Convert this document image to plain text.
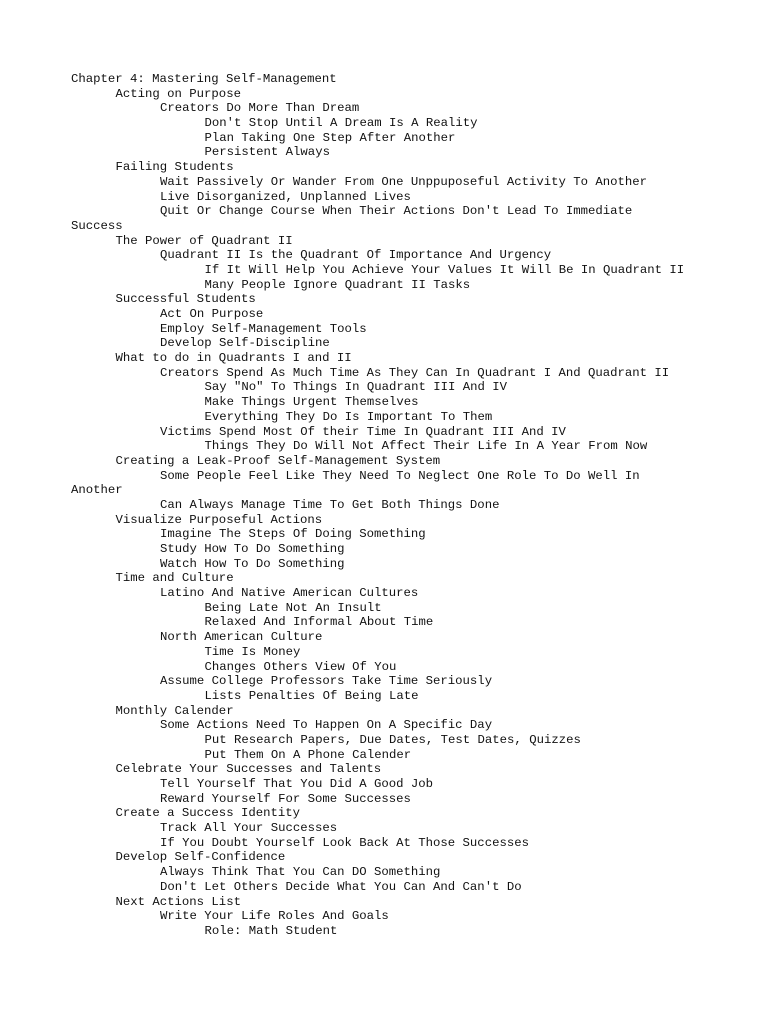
Chapter 4: Mastering Self-Management
Acting on Purpose
Creators Do More Than Dream
Don't Stop Until A Dream Is A Reality
Plan Taking One Step After Another
Persistent Always
Failing Students
Wait Passively Or Wander From One Unppuposeful Activity To Another
Live Disorganized, Unplanned Lives
Quit Or Change Course When Their Actions Don't Lead To Immediate
Success
The Power of Quadrant II
Quadrant II Is the Quadrant Of Importance And Urgency
If It Will Help You Achieve Your Values It Will Be In Quadrant II
Many People Ignore Quadrant II Tasks
Successful Students
Act On Purpose
Employ Self-Management Tools
Develop Self-Discipline
What to do in Quadrants I and II
Creators Spend As Much Time As They Can In Quadrant I And Quadrant II
Say "No" To Things In Quadrant III And IV
Make Things Urgent Themselves
Everything They Do Is Important To Them
Victims Spend Most Of their Time In Quadrant III And IV
Things They Do Will Not Affect Their Life In A Year From Now
Creating a Leak-Proof Self-Management System
Some People Feel Like They Need To Neglect One Role To Do Well In
Another
Can Always Manage Time To Get Both Things Done
Visualize Purposeful Actions
Imagine The Steps Of Doing Something
Study How To Do Something
Watch How To Do Something
Time and Culture
Latino And Native American Cultures
Being Late Not An Insult
Relaxed And Informal About Time
North American Culture
Time Is Money
Changes Others View Of You
Assume College Professors Take Time Seriously
Lists Penalties Of Being Late
Monthly Calender
Some Actions Need To Happen On A Specific Day
Put Research Papers, Due Dates, Test Dates, Quizzes
Put Them On A Phone Calender
Celebrate Your Successes and Talents
Tell Yourself That You Did A Good Job
Reward Yourself For Some Successes
Create a Success Identity
Track All Your Successes
If You Doubt Yourself Look Back At Those Successes
Develop Self-Confidence
Always Think That You Can DO Something
Don't Let Others Decide What You Can And Can't Do
Next Actions List
Write Your Life Roles And Goals
Role: Math Student
